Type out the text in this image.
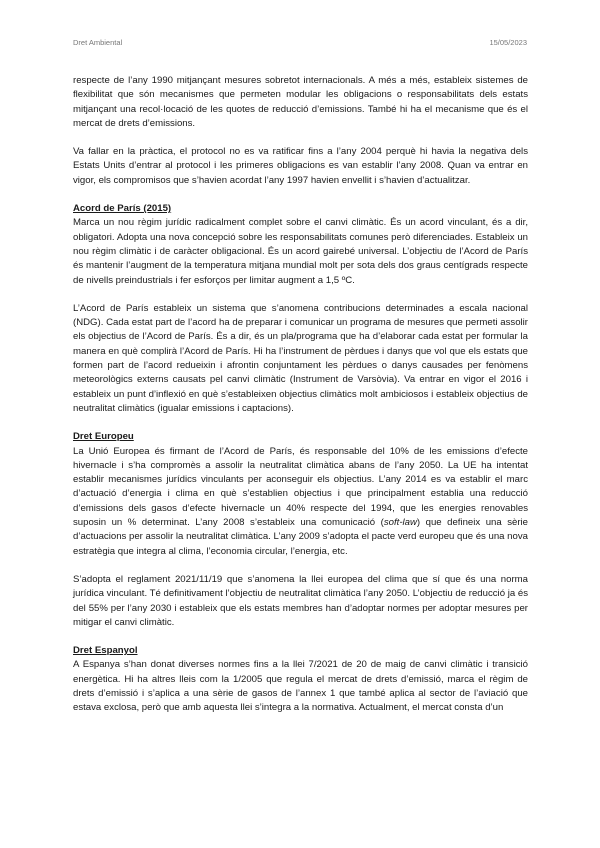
Dret Ambiental	15/05/2023

respecte de l’any 1990 mitjançant mesures sobretot internacionals. A més a més, estableix sistemes de flexibilitat que són mecanismes que permeten modular les obligacions o responsabilitats dels estats mitjançant una recol·locació de les quotes de reducció d’emissions. També hi ha el mecanisme que és el mercat de drets d’emissions.

Va fallar en la pràctica, el protocol no es va ratificar fins a l’any 2004 perquè hi havia la negativa dels Estats Units d’entrar al protocol i les primeres obligacions es van establir l’any 2008. Quan va entrar en vigor, els compromisos que s’havien acordat l’any 1997 havien envellit i s’havien d’actualitzar.

Acord de París (2015)

Marca un nou règim jurídic radicalment complet sobre el canvi climàtic. És un acord vinculant, és a dir, obligatori. Adopta una nova concepció sobre les responsabilitats comunes però diferenciades. Estableix un nou règim climàtic i de caràcter obligacional. És un acord gairebé universal. L’objectiu de l’Acord de París és mantenir l’augment de la temperatura mitjana mundial molt per sota dels dos graus centígrads respecte de nivells preindustrials i fer esforços per limitar augment a 1,5 ºC.

L’Acord de París estableix un sistema que s’anomena contribucions determinades a escala nacional (NDG). Cada estat part de l’acord ha de preparar i comunicar un programa de mesures que permeti assolir els objectius de l’Acord de París. És a dir, és un pla/programa que ha d’elaborar cada estat per formular la manera en què complirà l’Acord de París. Hi ha l’instrument de pèrdues i danys que vol que els estats que formen part de l’acord redueixin i afrontin conjuntament les pèrdues o danys causades per fenòmens meteorològics externs causats pel canvi climàtic (Instrument de Varsòvia). Va entrar en vigor el 2016 i estableix un punt d’inflexió en què s’estableixen objectius climàtics molt ambiciosos i estableix objectius de neutralitat climàtics (igualar emissions i captacions).

Dret Europeu

La Unió Europea és firmant de l’Acord de París, és responsable del 10% de les emissions d’efecte hivernacle i s’ha compromès a assolir la neutralitat climàtica abans de l’any 2050. La UE ha intentat establir mecanismes jurídics vinculants per aconseguir els objectius. L’any 2014 es va establir el marc d’actuació d’energia i clima en què s’establien objectius i que principalment establia una reducció d’emissions dels gasos d’efecte hivernacle un 40% respecte del 1994, que les energies renovables suposin un % determinat. L’any 2008 s’estableix una comunicació (soft-law) que defineix una sèrie d’actuacions per assolir la neutralitat climàtica. L’any 2009 s’adopta el pacte verd europeu que és una nova estratègia que integra al clima, l’economia circular, l’energia, etc.

S’adopta el reglament 2021/11/19 que s’anomena la llei europea del clima que sí que és una norma jurídica vinculant. Té definitivament l’objectiu de neutralitat climàtica l’any 2050. L’objectiu de reducció ja és del 55% per l’any 2030 i estableix que els estats membres han d’adoptar normes per adoptar mesures per mitigar el canvi climàtic.

Dret Espanyol

A Espanya s’han donat diverses normes fins a la llei 7/2021 de 20 de maig de canvi climàtic i transició energètica. Hi ha altres lleis com la 1/2005 que regula el mercat de drets d’emissió, marca el règim de drets d’emissió i s’aplica a una sèrie de gasos de l’annex 1 que també aplica al sector de l’aviació que estava exclosa, però que amb aquesta llei s’integra a la normativa. Actualment, el mercat consta d’un
